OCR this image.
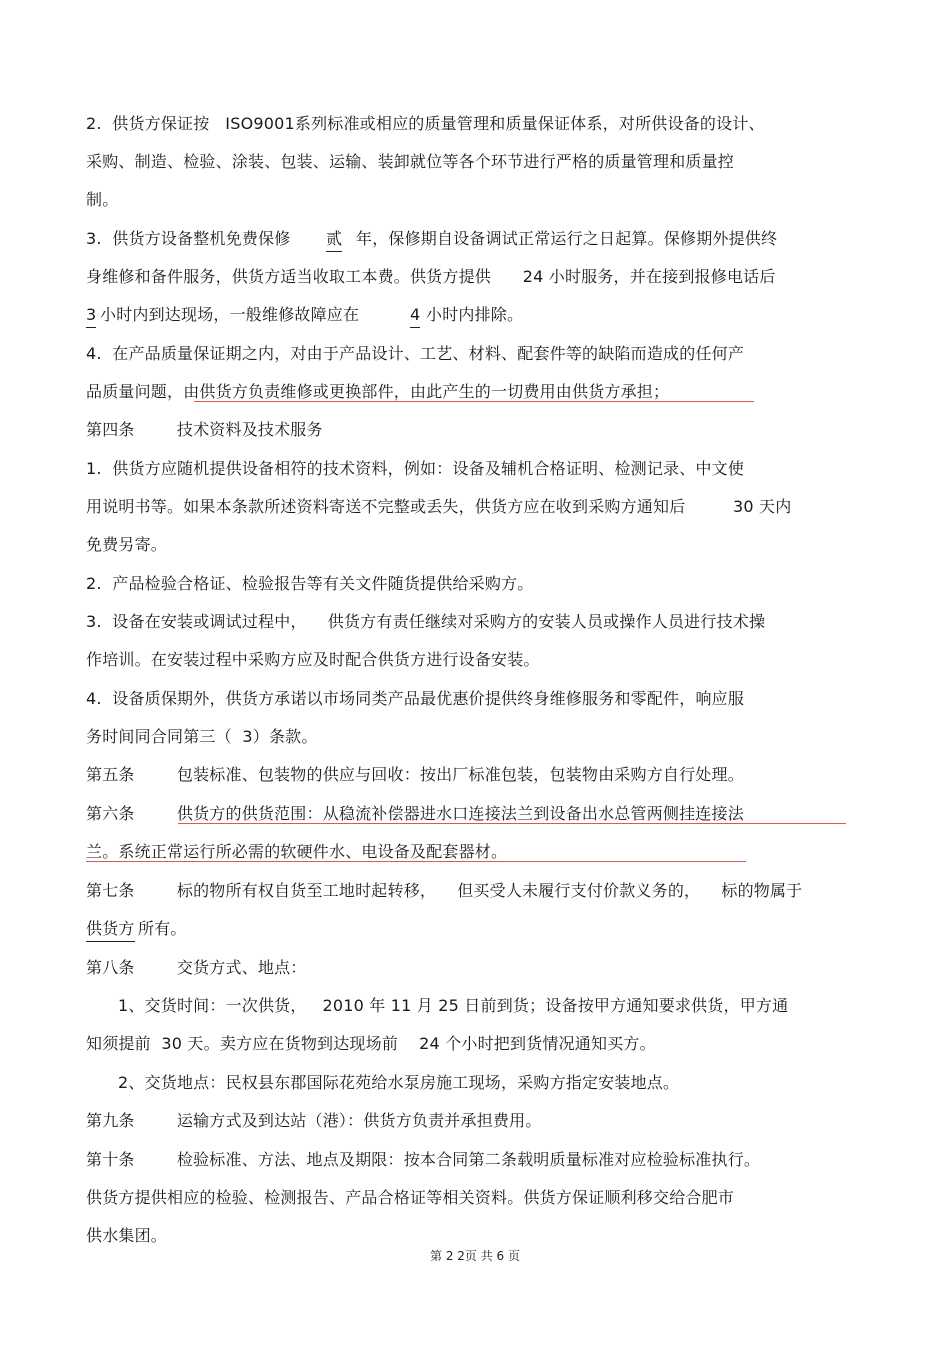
2.  供货方保证按   ISO9001系列标准或相应的质量管理和质量保证体系，对所供设备的设计、
采购、制造、检验、涂装、包装、运输、装卸就位等各个环节进行严格的质量管理和质量控
制。
3.  供货方设备整机免费保修 贰 年，保修期自设备调试正常运行之日起算。保修期外提供终
身维修和备件服务，供货方适当收取工本费。供货方提供      24 小时服务，并在接到报修电话后
3 小时内到达现场，一般维修故障应在	4 小时内排除。
4.  在产品质量保证期之内，对由于产品设计、工艺、材料、配套件等的缺陷而造成的任何产
品质量问题，由供货方负责维修或更换部件，由此产生的一切费用由供货方承担；
第四条        技术资料及技术服务
1.  供货方应随机提供设备相符的技术资料，例如：设备及辅机合格证明、检测记录、中文使
用说明书等。如果本条款所述资料寄送不完整或丢失，供货方应在收到采购方通知后         30 天内
免费另寄。
2.  产品检验合格证、检验报告等有关文件随货提供给采购方。
3.  设备在安装或调试过程中，    供货方有责任继续对采购方的安装人员或操作人员进行技术操
作培训。在安装过程中采购方应及时配合供货方进行设备安装。
4.  设备质保期外，供货方承诺以市场同类产品最优惠价提供终身维修服务和零配件，响应服
务时间同合同第三（  3）条款。
第五条        包装标准、包装物的供应与回收：按出厂标准包装，包装物由采购方自行处理。
第六条        供货方的供货范围：从稳流补偿器进水口连接法兰到设备出水总管两侧挂连接法
兰。系统正常运行所必需的软硬件水、电设备及配套器材。
第七条        标的物所有权自货至工地时起转移，    但买受人未履行支付价款义务的，    标的物属于
供货方 所有。
第八条        交货方式、地点：
1、交货时间：一次供货，   2010 年 11 月 25 日前到货；设备按甲方通知要求供货，甲方通
知须提前  30 天。卖方应在货物到达现场前    24 个小时把到货情况通知买方。
2、交货地点：民权县东郡国际花苑给水泵房施工现场，采购方指定安装地点。
第九条        运输方式及到达站（港）：供货方负责并承担费用。
第十条        检验标准、方法、地点及期限：按本合同第二条载明质量标准对应检验标准执行。
供货方提供相应的检验、检测报告、产品合格证等相关资料。供货方保证顺利移交给合肥市
供水集团。
第 2 2页 共 6 页
